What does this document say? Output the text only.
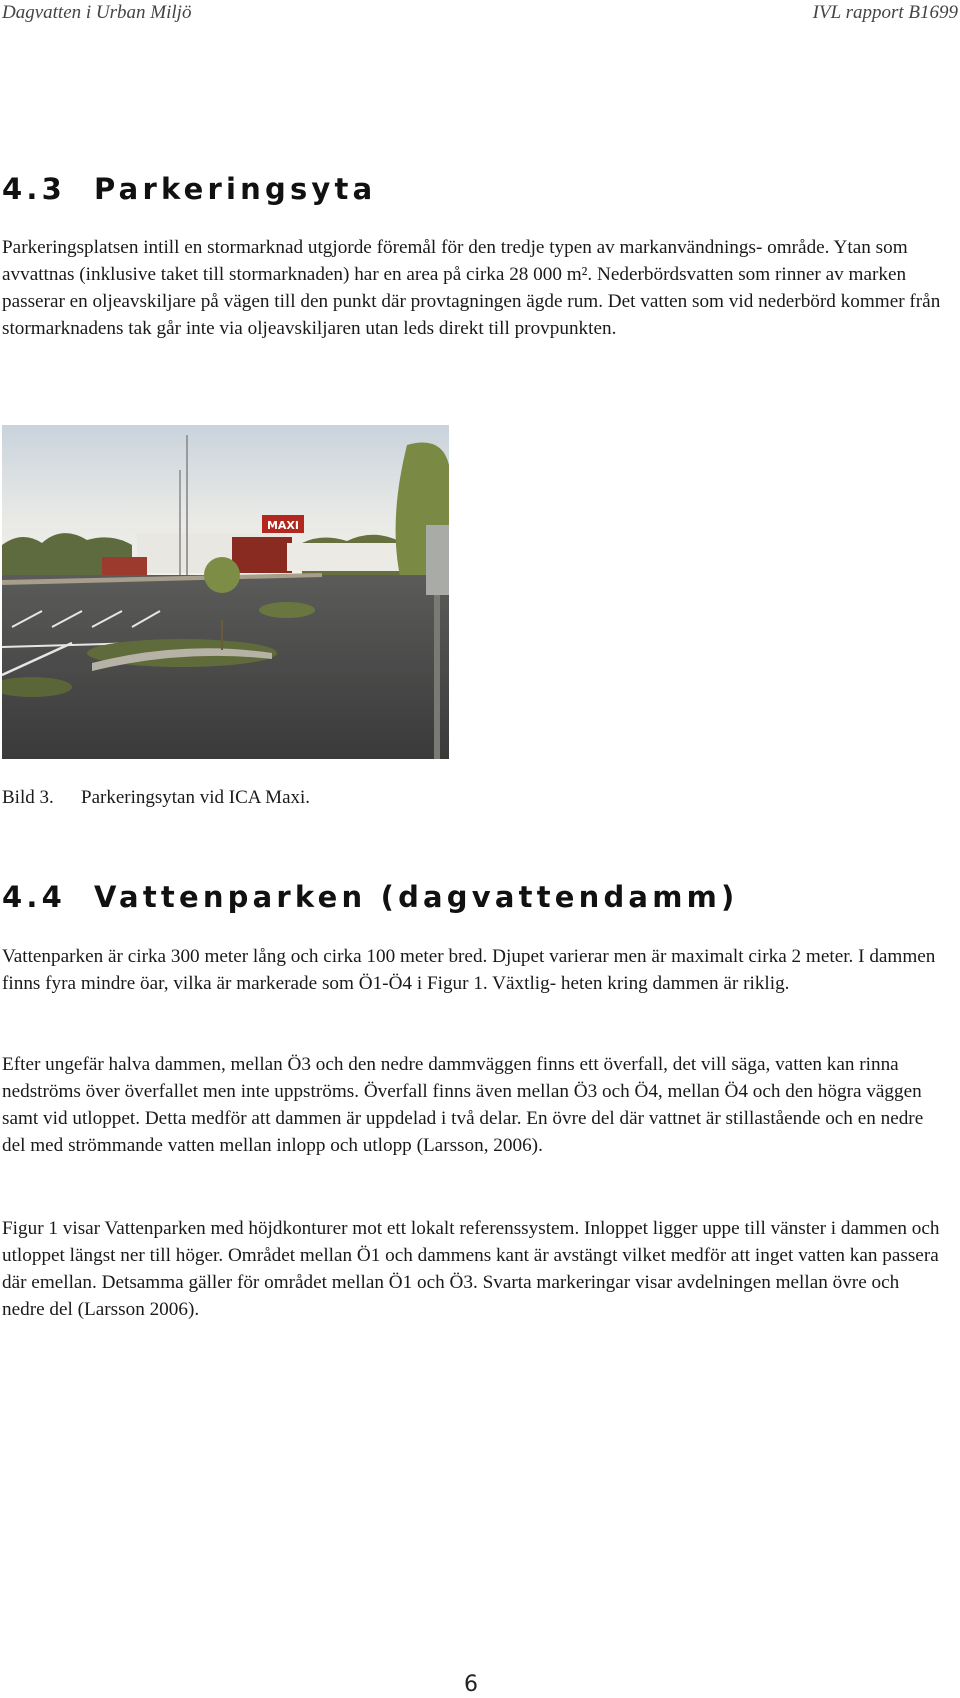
Dagvatten i Urban Miljö	IVL rapport B1699
4.3 Parkeringsyta

Parkeringsplatsen intill en stormarknad utgjorde föremål för den tredje typen av markanvändnings- område. Ytan som avvattnas (inklusive taket till stormarknaden) har en area på cirka 28 000 m². Nederbördsvatten som rinner av marken passerar en oljeavskiljare på vägen till den punkt där provtagningen ägde rum. Det vatten som vid nederbörd kommer från stormarknadens tak går inte via oljeavskiljaren utan leds direkt till provpunkten.

MAXI
Bild 3. Parkeringsytan vid ICA Maxi.
4.4 Vattenparken (dagvattendamm)

Vattenparken är cirka 300 meter lång och cirka 100 meter bred. Djupet varierar men är maximalt cirka 2 meter. I dammen finns fyra mindre öar, vilka är markerade som Ö1-Ö4 i Figur 1. Växtlig- heten kring dammen är riklig.

Efter ungefär halva dammen, mellan Ö3 och den nedre dammväggen finns ett överfall, det vill säga, vatten kan rinna nedströms över överfallet men inte uppströms. Överfall finns även mellan Ö3 och Ö4, mellan Ö4 och den högra väggen samt vid utloppet. Detta medför att dammen är uppdelad i två delar. En övre del där vattnet är stillastående och en nedre del med strömmande vatten mellan inlopp och utlopp (Larsson, 2006).

Figur 1 visar Vattenparken med höjdkonturer mot ett lokalt referenssystem. Inloppet ligger uppe till vänster i dammen och utloppet längst ner till höger. Området mellan Ö1 och dammens kant är avstängt vilket medför att inget vatten kan passera där emellan. Detsamma gäller för området mellan Ö1 och Ö3. Svarta markeringar visar avdelningen mellan övre och nedre del (Larsson 2006).

6
